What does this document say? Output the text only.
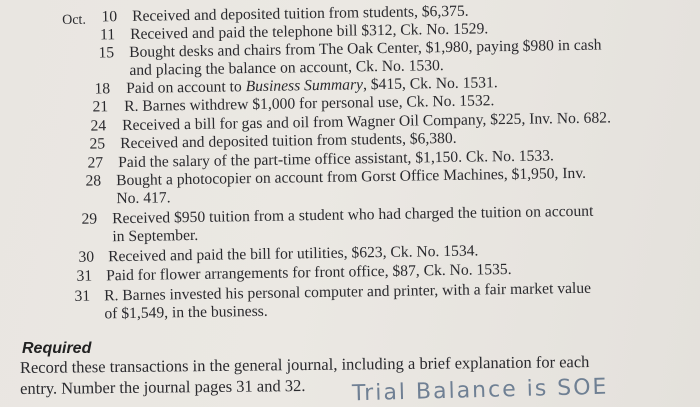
Oct. 10 Received and deposited tuition from students, $6,375.
11 Received and paid the telephone bill $312, Ck. No. 1529.
15 Bought desks and chairs from The Oak Center, $1,980, paying $980 in cash
and placing the balance on account, Ck. No. 1530.
18 Paid on account to Business Summary, $415, Ck. No. 1531.
21 R. Barnes withdrew $1,000 for personal use, Ck. No. 1532.
24 Received a bill for gas and oil from Wagner Oil Company, $225, Inv. No. 682.
25 Received and deposited tuition from students, $6,380.
27 Paid the salary of the part-time office assistant, $1,150. Ck. No. 1533.
28 Bought a photocopier on account from Gorst Office Machines, $1,950, Inv.
No. 417.
29 Received $950 tuition from a student who had charged the tuition on account
in September.
30 Received and paid the bill for utilities, $623, Ck. No. 1534.
31 Paid for flower arrangements for front office, $87, Ck. No. 1535.
31 R. Barnes invested his personal computer and printer, with a fair market value
of $1,549, in the business.
Required
Record these transactions in the general journal, including a brief explanation for each
entry. Number the journal pages 31 and 32.	Trial Balance is SOE
